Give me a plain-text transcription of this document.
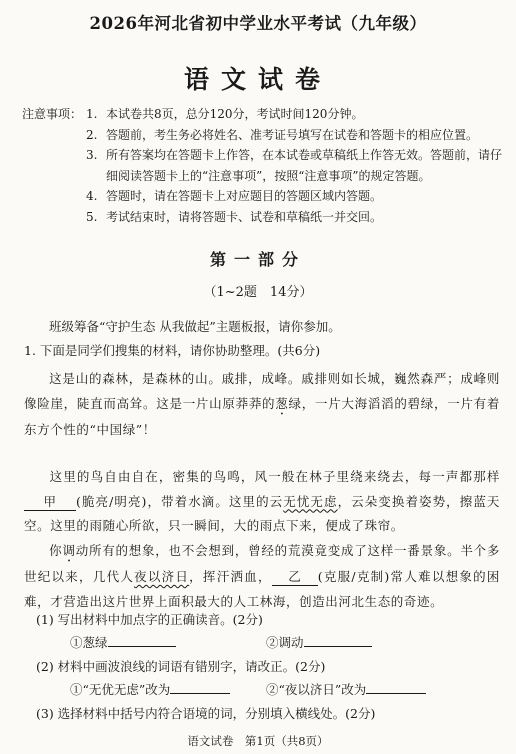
2026年河北省初中学业水平考试（九年级）
语文试卷
注意事项： 1. 本试卷共8页，总分120分，考试时间120分钟。
2. 答题前，考生务必将姓名、准考证号填写在试卷和答题卡的相应位置。
3. 所有答案均在答题卡上作答，在本试卷或草稿纸上作答无效。答题前，请仔
细阅读答题卡上的“注意事项”，按照“注意事项”的规定答题。
4. 答题时，请在答题卡上对应题目的答题区域内答题。
5. 考试结束时，请将答题卡、试卷和草稿纸一并交回。
第一部分
（1~2题　14分）
班级筹备“守护生态 从我做起”主题板报，请你参加。
1. 下面是同学们搜集的材料，请你协助整理。(共6分)
这是山的森林，是森林的山。戚排，成峰。戚排则如长城，巍然森严；成峰则像险崖，陡直而高耸。这是一片山原莽莽的葱绿，一片大海滔滔的碧绿，一片有着东方个性的“中国绿”！
这里的鸟自由自在，密集的鸟鸣，风一般在林子里绕来绕去，每一声都那样甲 (脆亮/明亮)，带着水滴。这里的云无忧无虑，云朵变换着姿势，擦蓝天空。这里的雨随心所欲，只一瞬间，大的雨点下来，便成了珠帘。
你调动所有的想象，也不会想到，曾经的荒漠竟变成了这样一番景象。半个多世纪以来，几代人夜以济日，挥汗洒血， 乙 (克服/克制)常人难以想象的困难，才营造出这片世界上面积最大的人工林海，创造出河北生态的奇迹。
(1) 写出材料中加点字的正确读音。(2分)
①葱绿	②调动
(2) 材料中画波浪线的词语有错别字，请改正。(2分)
①“无优无虑”改为	②“夜以济日”改为
(3) 选择材料中括号内符合语境的词，分别填入横线处。(2分)
语文试卷　第1页（共8页）
